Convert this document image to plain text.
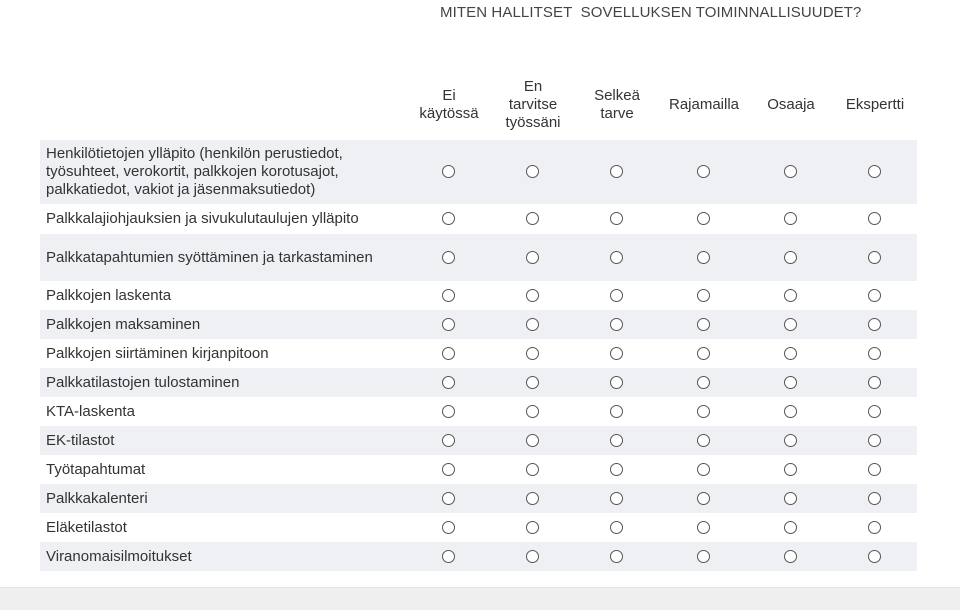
MITEN HALLITSET  SOVELLUKSEN TOIMINNALLISUUDET?
Ei
käytössä
En
tarvitse
työssäni
Selkeä
tarve
Rajamailla	Osaaja	Ekspertti
Henkilötietojen ylläpito (henkilön perustiedot, työsuhteet, verokortit, palkkojen korotusajot, palkkatiedot, vakiot ja jäsenmaksutiedot)
Palkkalajiohjauksien ja sivukulutaulujen ylläpito
Palkkatapahtumien syöttäminen ja tarkastaminen
Palkkojen laskenta
Palkkojen maksaminen
Palkkojen siirtäminen kirjanpitoon
Palkkatilastojen tulostaminen
KTA-laskenta
EK-tilastot
Työtapahtumat
Palkkakalenteri
Eläketilastot
Viranomaisilmoitukset
